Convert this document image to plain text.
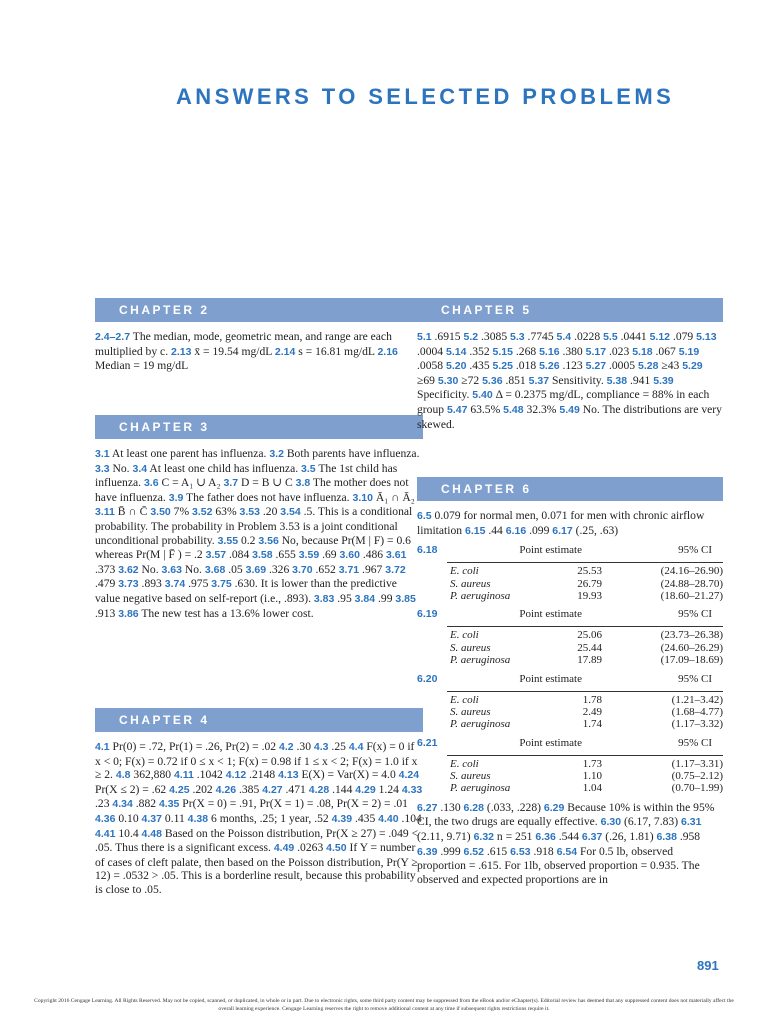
ANSWERS TO SELECTED PROBLEMS
CHAPTER 2
2.4–2.7 The median, mode, geometric mean, and range are each multiplied by c. 2.13 x̄ = 19.54 mg/dL 2.14 s = 16.81 mg/dL 2.16 Median = 19 mg/dL
CHAPTER 3
3.1 At least one parent has influenza. 3.2 Both parents have influenza. 3.3 No. 3.4 At least one child has influenza. 3.5 The 1st child has influenza. 3.6 C = A₁ ∪ A₂ 3.7 D = B ∪ C 3.8 The mother does not have influenza. 3.9 The father does not have influenza. 3.10 Ā₁ ∩ Ā₂ 3.11 B̄ ∩ C̄ 3.50 7% 3.52 63% 3.53 .20 3.54 .5. This is a conditional probability. The probability in Problem 3.53 is a joint conditional unconditional probability. 3.55 0.2 3.56 No, because Pr(M | F) = 0.6 whereas Pr(M | F̄ ) = .2 3.57 .084 3.58 .655 3.59 .69 3.60 .486 3.61 .373 3.62 No. 3.63 No. 3.68 .05 3.69 .326 3.70 .652 3.71 .967 3.72 .479 3.73 .893 3.74 .975 3.75 .630. It is lower than the predictive value negative based on self-report (i.e., .893). 3.83 .95 3.84 .99 3.85 .913 3.86 The new test has a 13.6% lower cost.
CHAPTER 4
4.1 Pr(0) = .72, Pr(1) = .26, Pr(2) = .02 4.2 .30 4.3 .25 4.4 F(x) = 0 if x < 0; F(x) = 0.72 if 0 ≤ x < 1; F(x) = 0.98 if 1 ≤ x < 2; F(x) = 1.0 if x ≥ 2. 4.8 362,880 4.11 .1042 4.12 .2148 4.13 E(X) = Var(X) = 4.0 4.24 Pr(X ≤ 2) = .62 4.25 .202 4.26 .385 4.27 .471 4.28 .144 4.29 1.24 4.33 .23 4.34 .882 4.35 Pr(X = 0) = .91, Pr(X = 1) = .08, Pr(X = 2) = .01 4.36 0.10 4.37 0.11 4.38 6 months, .25; 1 year, .52 4.39 .435 4.40 .104 4.41 10.4 4.48 Based on the Poisson distribution, Pr(X ≥ 27) = .049 < .05. Thus there is a significant excess. 4.49 .0263 4.50 If Y = number of cases of cleft palate, then based on the Poisson distribution, Pr(Y ≥ 12) = .0532 > .05. This is a borderline result, because this probability is close to .05.
CHAPTER 5
5.1 .6915 5.2 .3085 5.3 .7745 5.4 .0228 5.5 .0441 5.12 .079 5.13 .0004 5.14 .352 5.15 .268 5.16 .380 5.17 .023 5.18 .067 5.19 .0058 5.20 .435 5.25 .018 5.26 .123 5.27 .0005 5.28 ≥43 5.29 ≥69 5.30 ≥72 5.36 .851 5.37 Sensitivity. 5.38 .941 5.39 Specificity. 5.40 Δ = 0.2375 mg/dL, compliance = 88% in each group 5.47 63.5% 5.48 32.3% 5.49 No. The distributions are very skewed.
CHAPTER 6
6.5 0.079 for normal men, 0.071 for men with chronic airflow limitation 6.15 .44 6.16 .099 6.17 (.25, .63)
6.18	Point estimate	95% CI
E. coli	25.53	(24.16–26.90)
S. aureus	26.79	(24.88–28.70)
P. aeruginosa	19.93	(18.60–21.27)
6.19	Point estimate	95% CI
E. coli	25.06	(23.73–26.38)
S. aureus	25.44	(24.60–26.29)
P. aeruginosa	17.89	(17.09–18.69)
6.20	Point estimate	95% CI
E. coli	1.78	(1.21–3.42)
S. aureus	2.49	(1.68–4.77)
P. aeruginosa	1.74	(1.17–3.32)
6.21	Point estimate	95% CI
E. coli	1.73	(1.17–3.31)
S. aureus	1.10	(0.75–2.12)
P. aeruginosa	1.04	(0.70–1.99)
6.27 .130 6.28 (.033, .228) 6.29 Because 10% is within the 95% CI, the two drugs are equally effective. 6.30 (6.17, 7.83) 6.31 (2.11, 9.71) 6.32 n = 251 6.36 .544 6.37 (.26, 1.81) 6.38 .958 6.39 .999 6.52 .615 6.53 .918 6.54 For 0.5 lb, observed proportion = .615. For 1lb, observed proportion = 0.935. The observed and expected proportions are in
891
Copyright 2016 Cengage Learning. All Rights Reserved. May not be copied, scanned, or duplicated, in whole or in part. Due to electronic rights, some third party content may be suppressed from the eBook and/or eChapter(s). Editorial review has deemed that any suppressed content does not materially affect the overall learning experience. Cengage Learning reserves the right to remove additional content at any time if subsequent rights restrictions require it.
